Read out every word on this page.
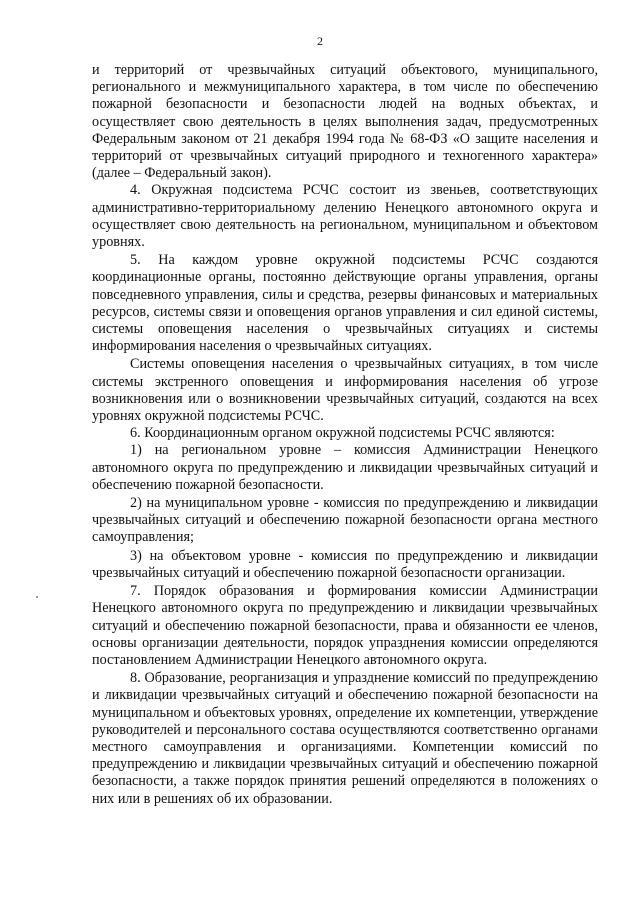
2

и территорий от чрезвычайных ситуаций объектового, муниципального, регионального и межмуниципального характера, в том числе по обеспечению пожарной безопасности и безопасности людей на водных объектах, и осуществляет свою деятельность в целях выполнения задач, предусмотренных Федеральным законом от 21 декабря 1994 года № 68-ФЗ «О защите населения и территорий от чрезвычайных ситуаций природного и техногенного характера» (далее – Федеральный закон).

4. Окружная подсистема РСЧС состоит из звеньев, соответствующих административно-территориальному делению Ненецкого автономного округа и осуществляет свою деятельность на региональном, муниципальном и объектовом уровнях.

5. На каждом уровне окружной подсистемы РСЧС создаются координационные органы, постоянно действующие органы управления, органы повседневного управления, силы и средства, резервы финансовых и материальных ресурсов, системы связи и оповещения органов управления и сил единой системы, системы оповещения населения о чрезвычайных ситуациях и системы информирования населения о чрезвычайных ситуациях.

Системы оповещения населения о чрезвычайных ситуациях, в том числе системы экстренного оповещения и информирования населения об угрозе возникновения или о возникновении чрезвычайных ситуаций, создаются на всех уровнях окружной подсистемы РСЧС.

6. Координационным органом окружной подсистемы РСЧС являются:

1) на региональном уровне – комиссия Администрации Ненецкого автономного округа по предупреждению и ликвидации чрезвычайных ситуаций и обеспечению пожарной безопасности.

2) на муниципальном уровне - комиссия по предупреждению и ликвидации чрезвычайных ситуаций и обеспечению пожарной безопасности органа местного самоуправления;

3) на объектовом уровне - комиссия по предупреждению и ликвидации чрезвычайных ситуаций и обеспечению пожарной безопасности организации.

7. Порядок образования и формирования комиссии Администрации Ненецкого автономного округа по предупреждению и ликвидации чрезвычайных ситуаций и обеспечению пожарной безопасности, права и обязанности ее членов, основы организации деятельности, порядок упразднения комиссии определяются постановлением Администрации Ненецкого автономного округа.

8. Образование, реорганизация и упразднение комиссий по предупреждению и ликвидации чрезвычайных ситуаций и обеспечению пожарной безопасности на муниципальном и объектовых уровнях, определение их компетенции, утверждение руководителей и персонального состава осуществляются соответственно органами местного самоуправления и организациями. Компетенции комиссий по предупреждению и ликвидации чрезвычайных ситуаций и обеспечению пожарной безопасности, а также порядок принятия решений определяются в положениях о них или в решениях об их образовании.
